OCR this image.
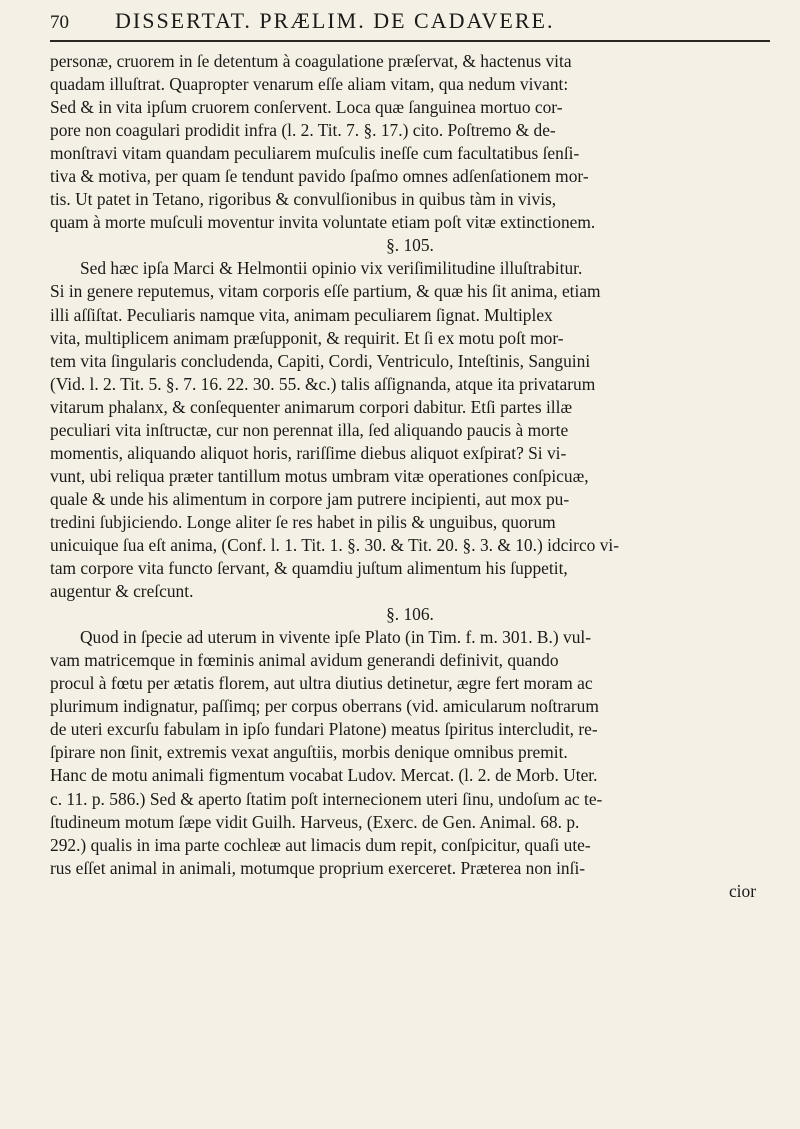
70 DISSERTAT. PRÆLIM. DE CADAVERE.
personæ, cruorem in ſe detentum à coagulatione præſervat, & hactenus vita
quadam illuſtrat. Quapropter venarum eſſe aliam vitam, qua nedum vivant:
Sed & in vita ipſum cruorem conſervent. Loca quæ ſanguinea mortuo cor-
pore non coagulari prodidit infra (l. 2. Tit. 7. §. 17.) cito. Poſtremo & de-
monſtravi vitam quandam peculiarem muſculis ineſſe cum facultatibus ſenſi-
tiva & motiva, per quam ſe tendunt pavido ſpaſmo omnes adſenſationem mor-
tis. Ut patet in Tetano, rigoribus & convulſionibus in quibus tàm in vivis,
quam à morte muſculi moventur invita voluntate etiam poſt vitæ extinctionem.
§. 105.
Sed hæc ipſa Marci & Helmontii opinio vix veriſimilitudine illuſtrabitur.
Si in genere reputemus, vitam corporis eſſe partium, & quæ his ſit anima, etiam
illi aſſiſtat. Peculiaris namque vita, animam peculiarem ſignat. Multiplex
vita, multiplicem animam præſupponit, & requirit. Et ſi ex motu poſt mor-
tem vita ſingularis concludenda, Capiti, Cordi, Ventriculo, Inteſtinis, Sanguini
(Vid. l. 2. Tit. 5. §. 7. 16. 22. 30. 55. &c.) talis aſſignanda, atque ita privatarum
vitarum phalanx, & conſequenter animarum corpori dabitur. Etſi partes illæ
peculiari vita inſtructæ, cur non perennat illa, ſed aliquando paucis à morte
momentis, aliquando aliquot horis, rariſſime diebus aliquot exſpirat? Si vi-
vunt, ubi reliqua præter tantillum motus umbram vitæ operationes conſpicuæ,
quale & unde his alimentum in corpore jam putrere incipienti, aut mox pu-
tredini ſubjiciendo. Longe aliter ſe res habet in pilis & unguibus, quorum
unicuique ſua eſt anima, (Conf. l. 1. Tit. 1. §. 30. & Tit. 20. §. 3. & 10.) idcirco vi-
tam corpore vita functo ſervant, & quamdiu juſtum alimentum his ſuppetit,
augentur & creſcunt.
§. 106.
Quod in ſpecie ad uterum in vivente ipſe Plato (in Tim. f. m. 301. B.) vul-
vam matricemque in fœminis animal avidum generandi definivit, quando
procul à fœtu per ætatis florem, aut ultra diutius detinetur, ægre fert moram ac
plurimum indignatur, paſſimq; per corpus oberrans (vid. amicularum noſtrarum
de uteri excurſu fabulam in ipſo fundari Platone) meatus ſpiritus intercludit, re-
ſpirare non ſinit, extremis vexat anguſtiis, morbis denique omnibus premit.
Hanc de motu animali figmentum vocabat Ludov. Mercat. (l. 2. de Morb. Uter.
c. 11. p. 586.) Sed & aperto ſtatim poſt internecionem uteri ſinu, undoſum ac te-
ſtudineum motum ſæpe vidit Guilh. Harveus, (Exerc. de Gen. Animal. 68. p.
292.) qualis in ima parte cochleæ aut limacis dum repit, conſpicitur, quaſi ute-
rus eſſet animal in animali, motumque proprium exerceret. Præterea non inſi-
cior
